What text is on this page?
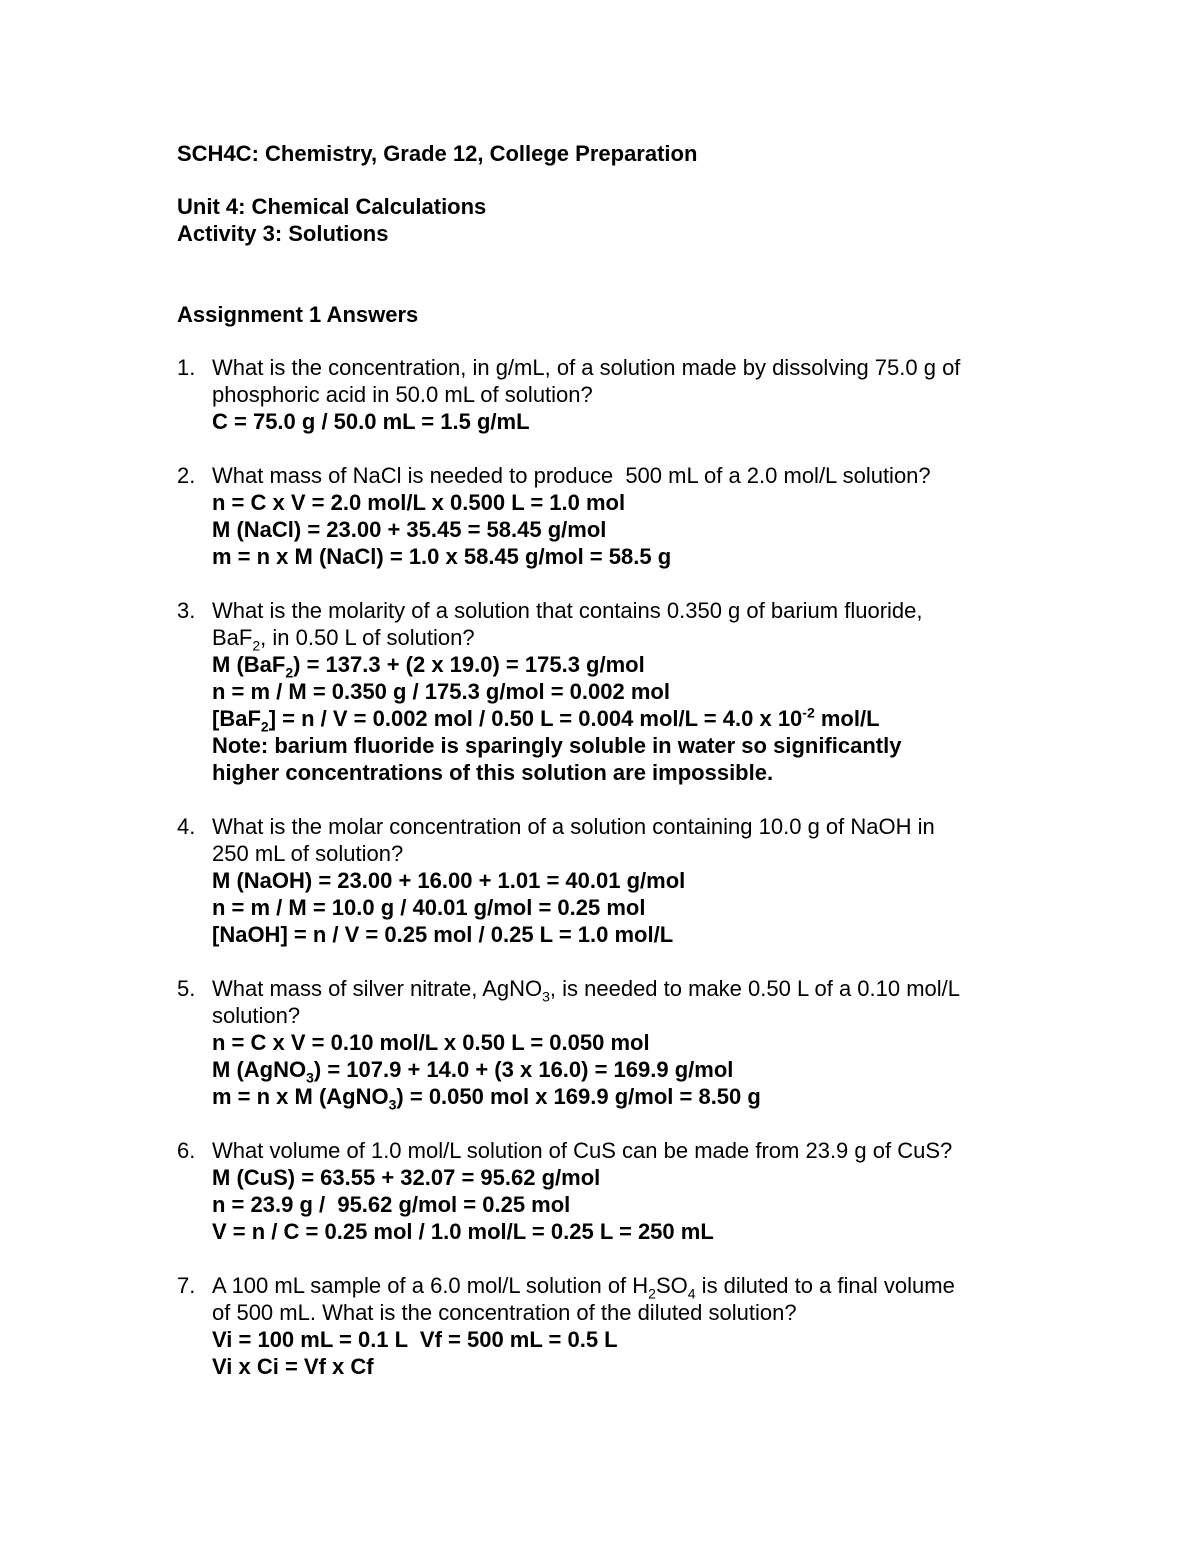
SCH4C: Chemistry, Grade 12, College Preparation

Unit 4: Chemical Calculations

Activity 3: Solutions

Assignment 1 Answers

1. What is the concentration, in g/mL, of a solution made by dissolving 75.0 g of
phosphoric acid in 50.0 mL of solution?
C = 75.0 g / 50.0 mL = 1.5 g/mL
2. What mass of NaCl is needed to produce  500 mL of a 2.0 mol/L solution?
n = C x V = 2.0 mol/L x 0.500 L = 1.0 mol
M (NaCl) = 23.00 + 35.45 = 58.45 g/mol
m = n x M (NaCl) = 1.0 x 58.45 g/mol = 58.5 g
3. What is the molarity of a solution that contains 0.350 g of barium fluoride,
BaF$_2$, in 0.50 L of solution?
M (BaF$_2$) = 137.3 + (2 x 19.0) = 175.3 g/mol
n = m / M = 0.350 g / 175.3 g/mol = 0.002 mol
[BaF$_2$] = n / V = 0.002 mol / 0.50 L = 0.004 mol/L = 4.0 x $10^{-2}$ mol/L
Note: barium fluoride is sparingly soluble in water so significantly
higher concentrations of this solution are impossible.
4. What is the molar concentration of a solution containing 10.0 g of NaOH in
250 mL of solution?
M (NaOH) = 23.00 + 16.00 + 1.01 = 40.01 g/mol
n = m / M = 10.0 g / 40.01 g/mol = 0.25 mol
[NaOH] = n / V = 0.25 mol / 0.25 L = 1.0 mol/L
5. What mass of silver nitrate, AgNO$_3$, is needed to make 0.50 L of a 0.10 mol/L
solution?
n = C x V = 0.10 mol/L x 0.50 L = 0.050 mol
M (AgNO$_3$) = 107.9 + 14.0 + (3 x 16.0) = 169.9 g/mol
m = n x M (AgNO$_3$) = 0.050 mol x 169.9 g/mol = 8.50 g
6. What volume of 1.0 mol/L solution of CuS can be made from 23.9 g of CuS?
M (CuS) = 63.55 + 32.07 = 95.62 g/mol
n = 23.9 g /  95.62 g/mol = 0.25 mol
V = n / C = 0.25 mol / 1.0 mol/L = 0.25 L = 250 mL
7. A 100 mL sample of a 6.0 mol/L solution of $H_2SO_4$ is diluted to a final volume
of 500 mL. What is the concentration of the diluted solution?
Vi = 100 mL = 0.1 L  Vf = 500 mL = 0.5 L
Vi x Ci = Vf x Cf
